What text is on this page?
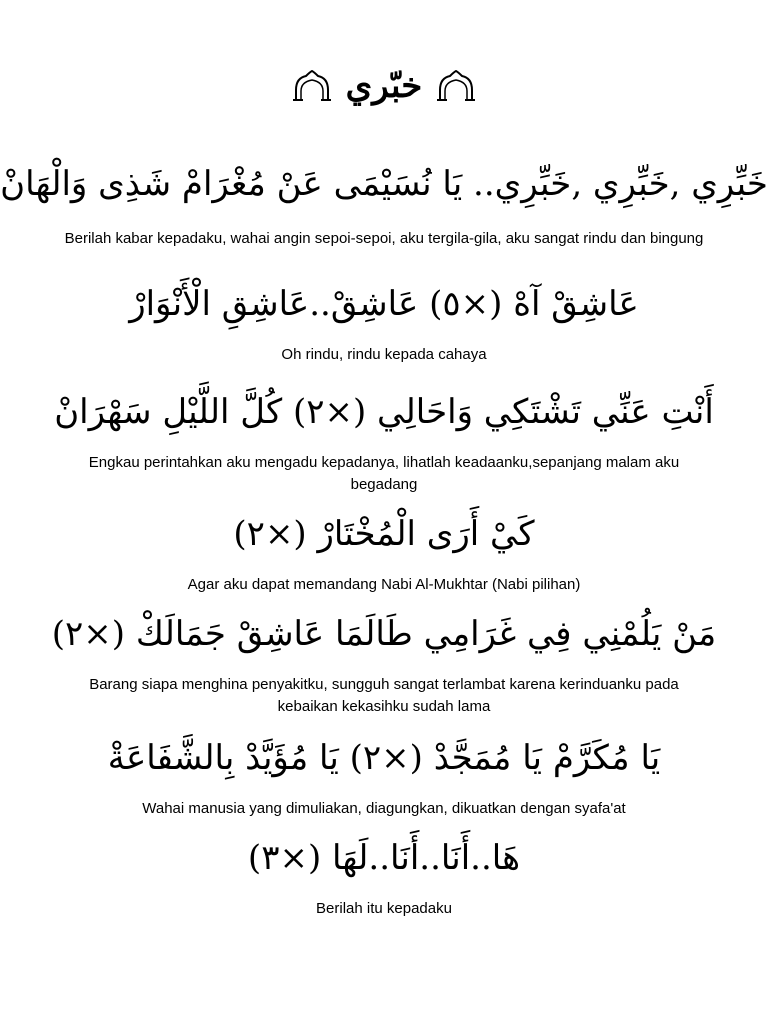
خبّري
خَبِّرِي ,خَبِّرِي ,خَبِّرِي.. يَا نُسَيْمَى عَنْ مُغْرَامْ شَذِى وَالْهَانْ
Berilah kabar kepadaku, wahai angin sepoi-sepoi, aku tergila-gila, aku sangat rindu dan bingung
عَاشِقْ آهْ (×٥) عَاشِقْ..عَاشِقِ الْأَنْوَارْ
Oh rindu, rindu kepada cahaya
أَنْتِ عَنِّي تَشْتَكِي وَاحَالِي (×٢) كُلَّ اللَّيْلِ سَهْرَانْ
Engkau perintahkan aku mengadu kepadanya, lihatlah keadaanku,sepanjang malam aku begadang
كَيْ أَرَى الْمُخْتَارْ (×٢)
Agar aku dapat memandang Nabi Al-Mukhtar (Nabi pilihan)
مَنْ يَلُمْنِي فِي غَرَامِي طَالَمَا عَاشِقْ جَمَالَكْ (×٢)
Barang siapa menghina penyakitku, sungguh sangat terlambat karena kerinduanku pada kebaikan kekasihku sudah lama
يَا مُكَرَّمْ يَا مُمَجَّدْ (×٢) يَا مُؤَيَّدْ بِالشَّفَاعَةْ
Wahai manusia yang dimuliakan, diagungkan, dikuatkan dengan syafa'at
هَا..أَنَا..أَنَا..لَهَا (×٣)
Berilah itu kepadaku
